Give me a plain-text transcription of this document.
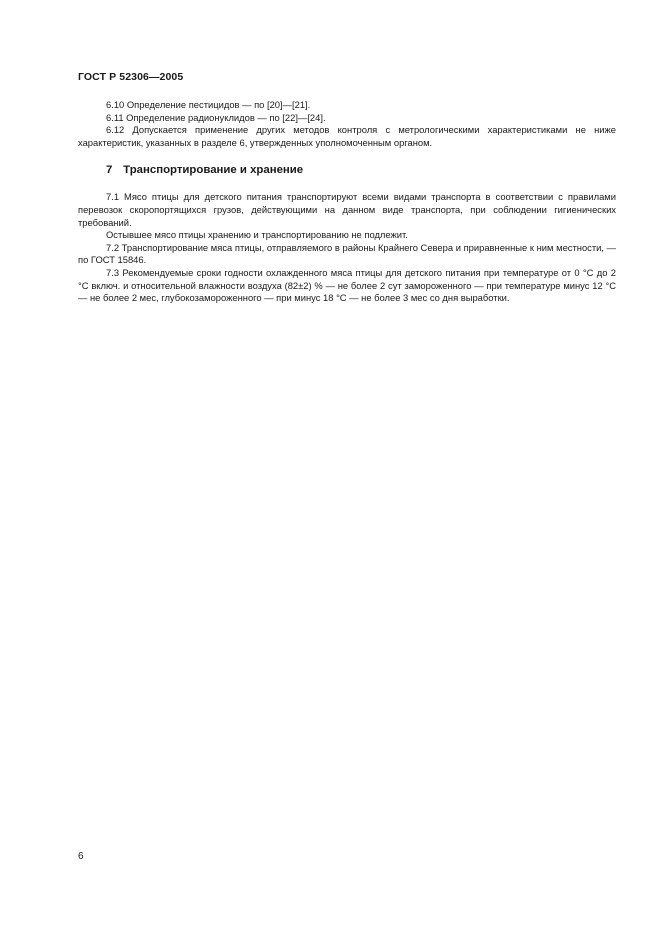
ГОСТ Р 52306—2005

6.10 Определение пестицидов — по [20]—[21].

6.11 Определение радионуклидов — по [22]—[24].

6.12 Допускается применение других методов контроля с метрологическими характеристиками не ниже характеристик, указанных в разделе 6, утвержденных уполномоченным органом.

7 Транспортирование и хранение

7.1 Мясо птицы для детского питания транспортируют всеми видами транспорта в соответствии с правилами перевозок скоропортящихся грузов, действующими на данном виде транспорта, при соблюдении гигиенических требований.

Остывшее мясо птицы хранению и транспортированию не подлежит.

7.2 Транспортирование мяса птицы, отправляемого в районы Крайнего Севера и приравненные к ним местности, — по ГОСТ 15846.

7.3 Рекомендуемые сроки годности охлажденного мяса птицы для детского питания при температуре от 0 °С до 2 °С включ. и относительной влажности воздуха (82±2) % — не более 2 сут замороженного — при температуре минус 12 °С — не более 2 мес, глубокозамороженного — при минус 18 °С — не более 3 мес со дня выработки.

6
